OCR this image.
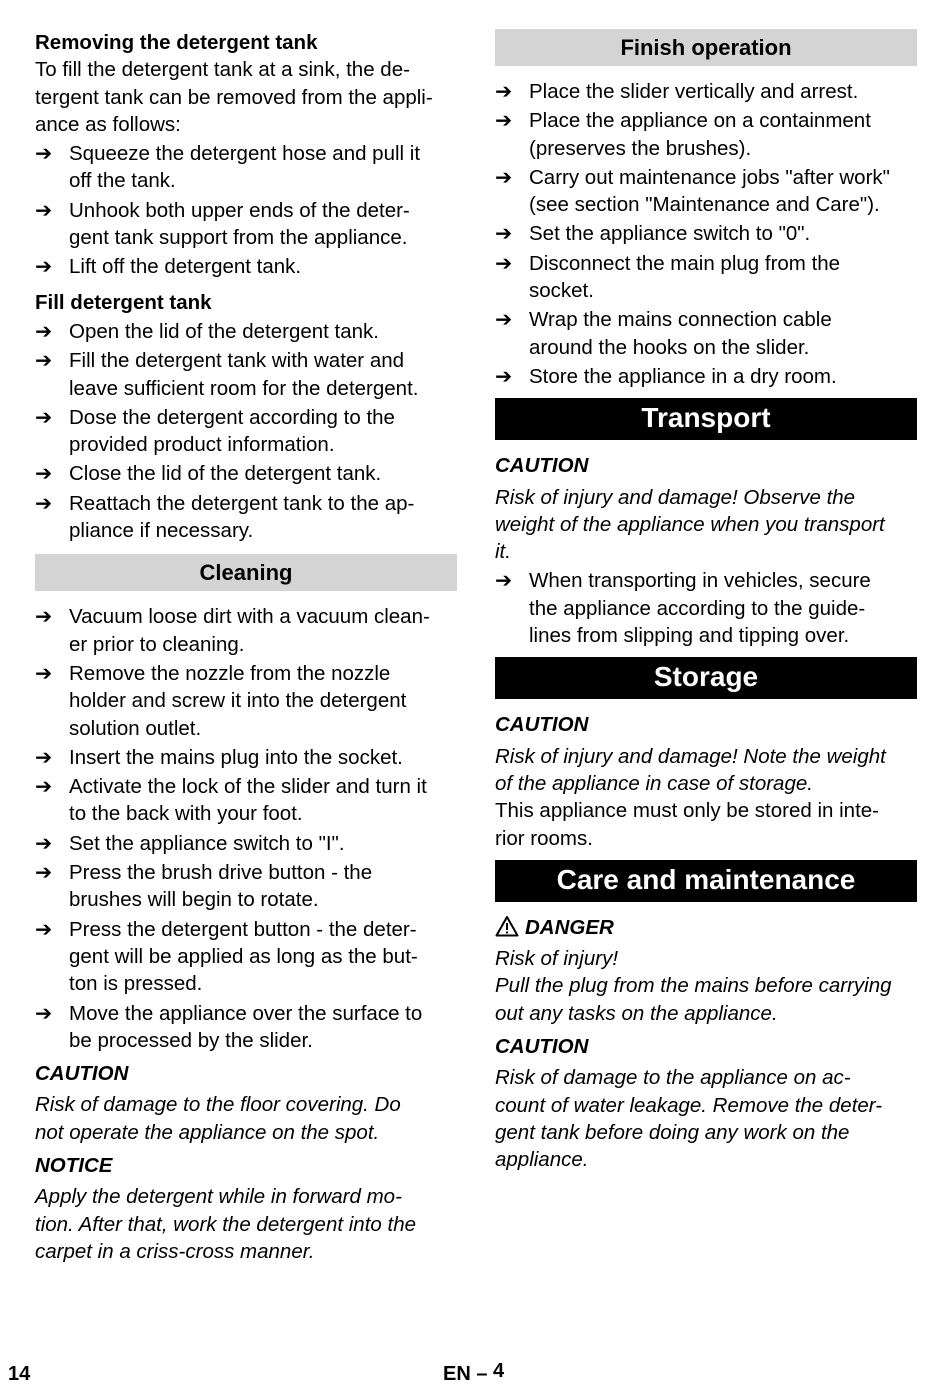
Removing the detergent tank

To fill the detergent tank at a sink, the de-
tergent tank can be removed from the appli-
ance as follows:

➔ Squeeze the detergent hose and pull it
off the tank.
➔ Unhook both upper ends of the deter-
gent tank support from the appliance.
➔ Lift off the detergent tank.

Fill detergent tank

➔ Open the lid of the detergent tank.
➔ Fill the detergent tank with water and
leave sufficient room for the detergent.
➔ Dose the detergent according to the
provided product information.
➔ Close the lid of the detergent tank.
➔ Reattach the detergent tank to the ap-
pliance if necessary.
Cleaning
➔ Vacuum loose dirt with a vacuum clean-
er prior to cleaning.
➔ Remove the nozzle from the nozzle
holder and screw it into the detergent
solution outlet.
➔ Insert the mains plug into the socket.
➔ Activate the lock of the slider and turn it
to the back with your foot.
➔ Set the appliance switch to "I".
➔ Press the brush drive button - the
brushes will begin to rotate.
➔ Press the detergent button - the deter-
gent will be applied as long as the but-
ton is pressed.
➔ Move the appliance over the surface to
be processed by the slider.

CAUTION

Risk of damage to the floor covering. Do
not operate the appliance on the spot.

NOTICE

Apply the detergent while in forward mo-
tion. After that, work the detergent into the
carpet in a criss-cross manner.

Finish operation
➔ Place the slider vertically and arrest.
➔ Place the appliance on a containment
(preserves the brushes).
➔ Carry out maintenance jobs "after work"
(see section "Maintenance and Care").
➔ Set the appliance switch to "0".
➔ Disconnect the main plug from the
socket.
➔ Wrap the mains connection cable
around the hooks on the slider.
➔ Store the appliance in a dry room.
Transport

CAUTION

Risk of injury and damage! Observe the
weight of the appliance when you transport
it.

➔ When transporting in vehicles, secure
the appliance according to the guide-
lines from slipping and tipping over.
Storage

CAUTION

Risk of injury and damage! Note the weight
of the appliance in case of storage.

This appliance must only be stored in inte-
rior rooms.

Care and maintenance

DANGER

Risk of injury!
Pull the plug from the mains before carrying
out any tasks on the appliance.

CAUTION

Risk of damage to the appliance on ac-
count of water leakage. Remove the deter-
gent tank before doing any work on the
appliance.

14	EN – 4
